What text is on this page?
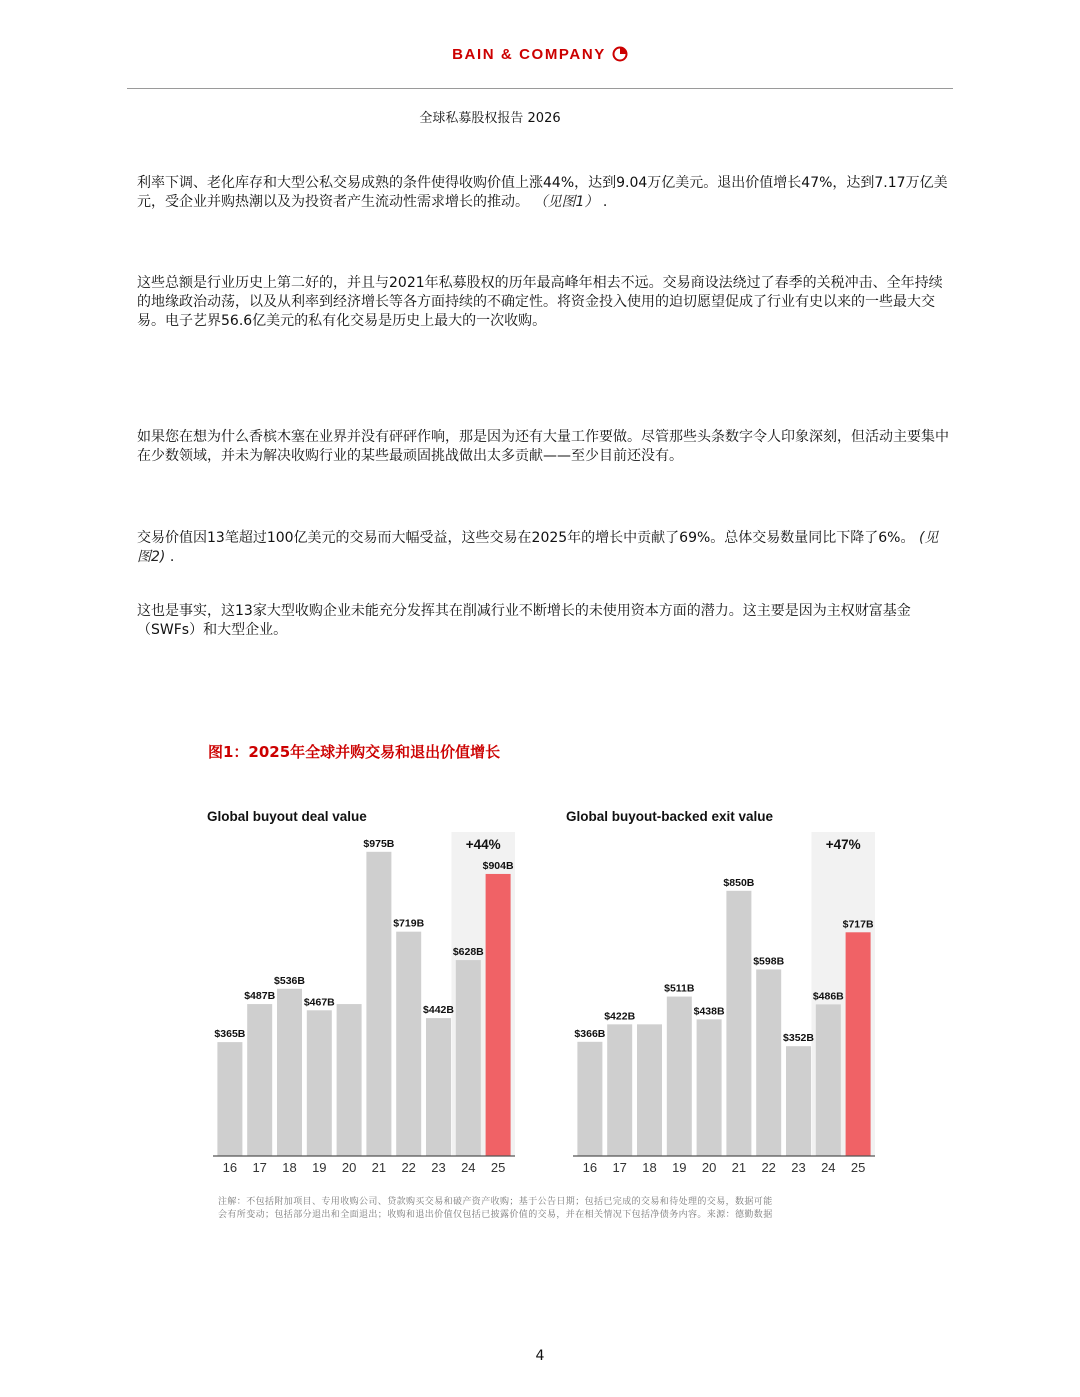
BAIN & COMPANY
全球私募股权报告 2026

利率下调、老化库存和大型公私交易成熟的条件使得收购价值上涨44%，达到9.04万亿美元。退出价值增长47%，达到7.17万亿美元，受企业并购热潮以及为投资者产生流动性需求增长的推动。 （见图1） .

这些总额是行业历史上第二好的，并且与2021年私募股权的历年最高峰年相去不远。交易商设法绕过了春季的关税冲击、全年持续的地缘政治动荡，以及从利率到经济增长等各方面持续的不确定性。将资金投入使用的迫切愿望促成了行业有史以来的一些最大交易。电子艺界56.6亿美元的私有化交易是历史上最大的一次收购。

如果您在想为什么香槟木塞在业界并没有砰砰作响，那是因为还有大量工作要做。尽管那些头条数字令人印象深刻，但活动主要集中在少数领域，并未为解决收购行业的某些最顽固挑战做出太多贡献——至少目前还没有。

交易价值因13笔超过100亿美元的交易而大幅受益，这些交易在2025年的增长中贡献了69%。总体交易数量同比下降了6%。 (见图2) .

这也是事实，这13家大型收购企业未能充分发挥其在削减行业不断增长的未使用资本方面的潜力。这主要是因为主权财富基金（SWFs）和大型企业。

图1：2025年全球并购交易和退出价值增长
Global buyout deal value	Global buyout-backed exit value
$365B
16
$487B
17
$536B
18
$467B
19 20
$975B
21
$719B
22
$442B
23
$628B
24
$904B
25
+44%
$366B
16
$422B
17 18
$511B
19
$438B
20
$850B
21
$598B
22
$352B
23
$486B
24
$717B
25
+47%
注解：不包括附加项目、专用收购公司、贷款购买交易和破产资产收购；基于公告日期；包括已完成的交易和待处理的交易，数据可能
会有所变动；包括部分退出和全面退出；收购和退出价值仅包括已披露价值的交易，并在相关情况下包括净债务内容。来源：德勤数据
4
